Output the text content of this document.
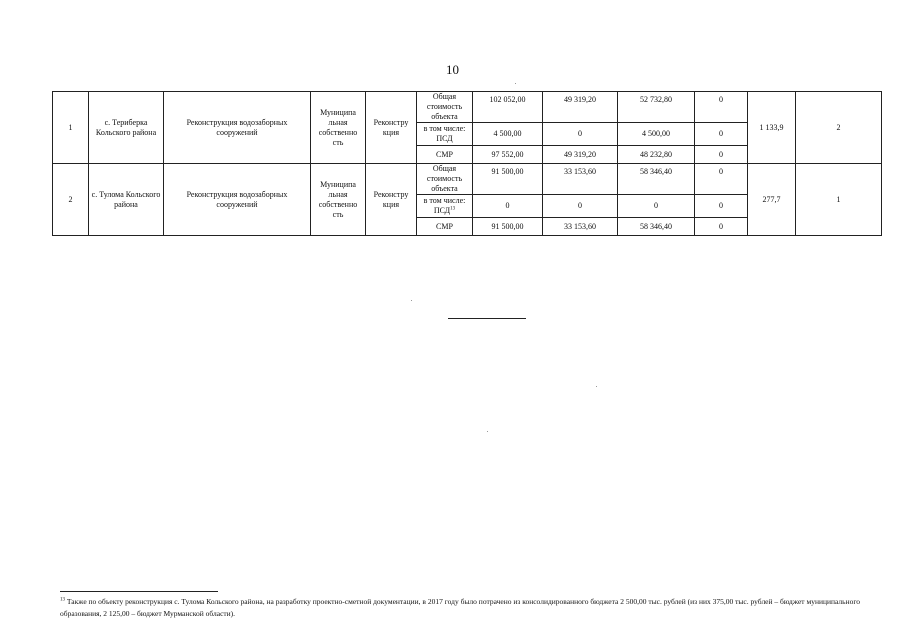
10
1	с. Териберка Кольского района	Реконструкция водозаборных сооружений	Муниципа льная собственно сть	Реконстру кция	Общая стоимость объекта	102 052,00	49 319,20	52 732,80	0	1 133,9	2
					в том числе: ПСД	4 500,00	0	4 500,00	0		
					СМР	97 552,00	49 319,20	48 232,80	0		
2	с. Тулома Кольского района	Реконструкция водозаборных сооружений	Муниципа льная собственно сть	Реконстру кция	Общая стоимость объекта	91 500,00	33 153,60	58 346,40	0	277,7	1
					в том числе: ПСД$^{13}$	0	0	0	0		
					СМР	91 500,00	33 153,60	58 346,40	0		
$^{13}$ Также по объекту реконструкция с. Тулома Кольского района, на разработку проектно-сметной документации, в 2017 году было потрачено из консолидированного бюджета 2 500,00 тыс. рублей (из них 375,00 тыс. рублей – бюджет муниципального образования, 2 125,00 – бюджет Мурманской области).
